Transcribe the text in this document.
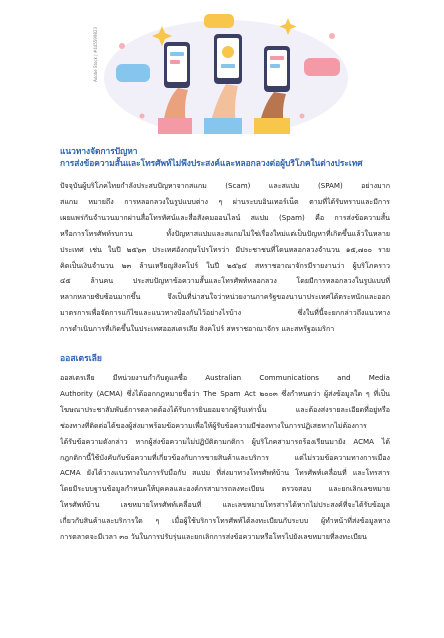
Adobe Stock | #445599823
แนวทางจัดการปัญหา
การส่งข้อความสั้นและโทรศัพท์ไม่พึงประสงค์และหลอกลวงต่อผู้บริโภคในต่างประเทศ
ปัจจุบันผู้บริโภคไทยกำลังประสบปัญหาจากสแกม (Scam) และสแปม (SPAM) อย่างมาก
สแกม หมายถึง การหลอกลวงในรูปแบบต่าง ๆ ผ่านระบบอินเทอร์เน็ต ตามที่ได้รับทราบและมีการ
เผยแพร่กันจำนวนมากผ่านสื่อโทรทัศน์และสื่อสังคมออนไลน์ สแปม (Spam) คือ การส่งข้อความสั้น
หรือการโทรศัพท์รบกวน ทั้งปัญหาสแปมและสแกมไม่ใช่เรื่องใหม่แต่เป็นปัญหาที่เกิดขึ้นแล้วในหลาย
ประเทศ เช่น ในปี ๒๕๖๓ ประเทศอังกฤษโปรโทรว่า มีประชาชนที่โดนหลอกลวงจำนวน ๑๕,๗๐๐ ราย
คิดเป็นเงินจำนวน ๒๓ ล้านเหรียญสิงคโปร์ ในปี ๒๕๖๔ สหราชอาณาจักรมีรายงานว่า ผู้บริโภคราว
๔๕ ล้านคน ประสบปัญหาข้อความสั้นและโทรศัพท์หลอกลวง โดยมีการหลอกลวงในรูปแบบที่
หลากหลายซับซ้อนมากขึ้น จึงเป็นที่น่าสนใจว่าหน่วยงานภาครัฐของนานาประเทศได้ตระหนักและออก
มาตรการเพื่อจัดการแก้ไขและแนวทางป้องกันไว้อย่างไรบ้าง ซึ่งในที่นี้จะยกกล่าวถึงแนวทาง
การดำเนินการที่เกิดขึ้นในประเทศออสเตรเลีย สิงคโปร์ สหราชอาณาจักร และสหรัฐอเมริกา
ออสเตรเลีย
ออสเตรเลีย มีหน่วยงานกำกับดูแลชื่อ Australian Communications and Media
Authority (ACMA) ซึ่งได้ออกกฎหมายชื่อว่า The Spam Act ๒๐๐๓ ซึ่งกำหนดว่า ผู้ส่งข้อมูลใด ๆ ที่เป็น
โฆษณาประชาสัมพันธ์การตลาดต้องได้รับการยินยอมจากผู้รับเท่านั้น และต้องส่งรายละเอียดที่อยู่หรือ
ช่องทางที่ติดต่อได้ของผู้ส่งมาพร้อมข้อความเพื่อให้ผู้รับข้อความมีช่องทางในการปฏิเสธหากไม่ต้องการ
ได้รับข้อความดังกล่าว หากผู้ส่งข้อความไม่ปฏิบัติตามกติกา ผู้บริโภคสามารถร้องเรียนมายัง ACMA ได้
กฎกติกานี้ใช้บังคับกับข้อความที่เกี่ยวข้องกับการขายสินค้าและบริการ แต่ไม่รวมข้อความทางการเมือง
ACMA ยังได้วางแนวทางในการรับมือกับ สแปม ที่ส่งมาทางโทรศัพท์บ้าน โทรศัพท์เคลื่อนที่ และโทรสาร
โดยมีระบบฐานข้อมูลกำหนดให้บุคคลและองค์กรสามารถลงทะเบียน ตรวจสอบ และยกเลิกเลขหมาย
โทรศัพท์บ้าน เลขหมายโทรศัพท์เคลื่อนที่ และเลขหมายโทรสารได้หากไม่ประสงค์ที่จะได้รับข้อมูล
เกี่ยวกับสินค้าและบริการใด ๆ เมื่อผู้ใช้บริการโทรศัพท์ได้ลงทะเบียนกับระบบ ผู้ทำหน้าที่ส่งข้อมูลทาง
การตลาดจะมีเวลา ๓๐ วันในการปรับรุ่นและยกเลิกการส่งข้อความหรือโทรไปยังเลขหมายที่ลงทะเบียน
